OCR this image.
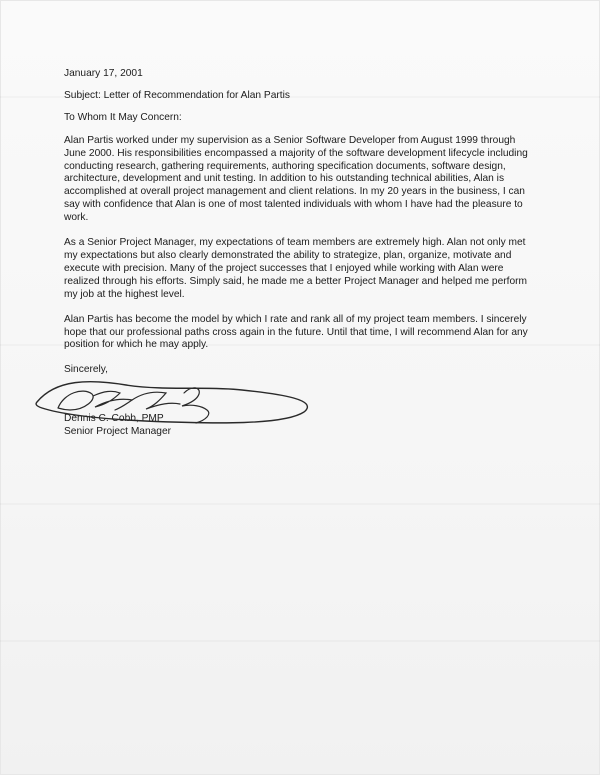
January 17, 2001

Subject: Letter of Recommendation for Alan Partis

To Whom It May Concern:

Alan Partis worked under my supervision as a Senior Software Developer from August 1999 through
June 2000. His responsibilities encompassed a majority of the software development lifecycle including
conducting research, gathering requirements, authoring specification documents, software design,
architecture, development and unit testing. In addition to his outstanding technical abilities, Alan is
accomplished at overall project management and client relations. In my 20 years in the business, I can
say with confidence that Alan is one of most talented individuals with whom I have had the pleasure to
work.

As a Senior Project Manager, my expectations of team members are extremely high. Alan not only met
my expectations but also clearly demonstrated the ability to strategize, plan, organize, motivate and
execute with precision. Many of the project successes that I enjoyed while working with Alan were
realized through his efforts. Simply said, he made me a better Project Manager and helped me perform
my job at the highest level.

Alan Partis has become the model by which I rate and rank all of my project team members. I sincerely
hope that our professional paths cross again in the future. Until that time, I will recommend Alan for any
position for which he may apply.

Sincerely,

Dennis C. Cobb, PMP

Senior Project Manager
